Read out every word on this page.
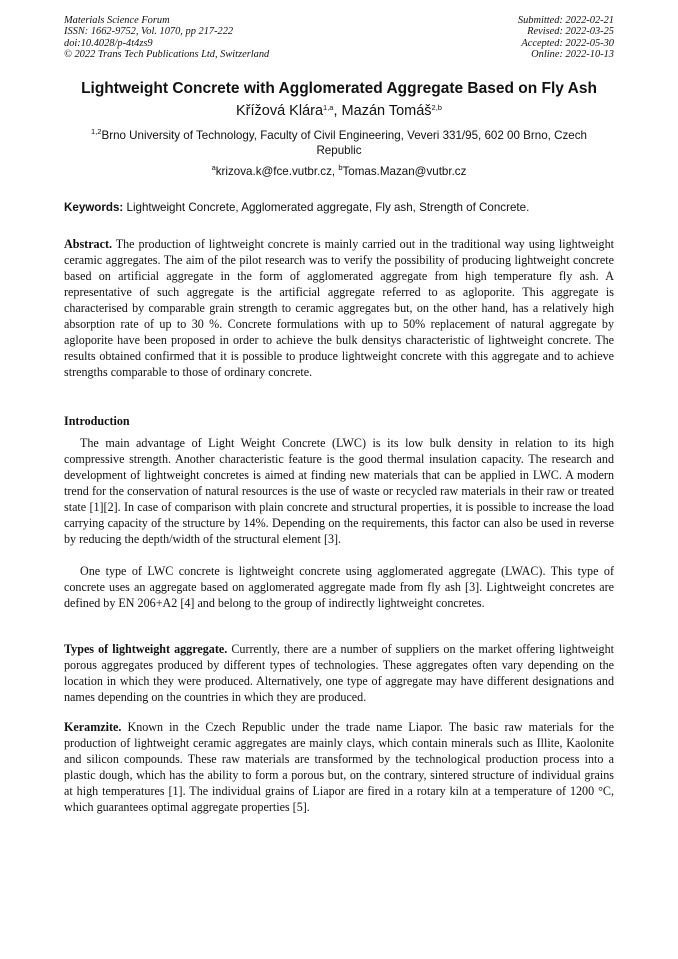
Materials Science Forum
ISSN: 1662-9752, Vol. 1070, pp 217-222
doi:10.4028/p-4t4zs9
© 2022 Trans Tech Publications Ltd, Switzerland
Submitted: 2022-02-21
Revised: 2022-03-25
Accepted: 2022-05-30
Online: 2022-10-13
Lightweight Concrete with Agglomerated Aggregate Based on Fly Ash
Křížová Klára$^{1,a}$, Mazán Tomáš$^{2,b}$
$^{1,2}$Brno University of Technology, Faculty of Civil Engineering, Veveri 331/95, 602 00 Brno, Czech Republic
$^a$krizova.k@fce.vutbr.cz, $^b$Tomas.Mazan@vutbr.cz
Keywords: Lightweight Concrete, Agglomerated aggregate, Fly ash, Strength of Concrete.

Abstract. The production of lightweight concrete is mainly carried out in the traditional way using lightweight ceramic aggregates. The aim of the pilot research was to verify the possibility of producing lightweight concrete based on artificial aggregate in the form of agglomerated aggregate from high temperature fly ash. A representative of such aggregate is the artificial aggregate referred to as agloporite. This aggregate is characterised by comparable grain strength to ceramic aggregates but, on the other hand, has a relatively high absorption rate of up to 30 %. Concrete formulations with up to 50% replacement of natural aggregate by agloporite have been proposed in order to achieve the bulk densitys characteristic of lightweight concrete. The results obtained confirmed that it is possible to produce lightweight concrete with this aggregate and to achieve strengths comparable to those of ordinary concrete.

Introduction

The main advantage of Light Weight Concrete (LWC) is its low bulk density in relation to its high compressive strength. Another characteristic feature is the good thermal insulation capacity. The research and development of lightweight concretes is aimed at finding new materials that can be applied in LWC. A modern trend for the conservation of natural resources is the use of waste or recycled raw materials in their raw or treated state [1][2]. In case of comparison with plain concrete and structural properties, it is possible to increase the load carrying capacity of the structure by 14%. Depending on the requirements, this factor can also be used in reverse by reducing the depth/width of the structural element [3].

One type of LWC concrete is lightweight concrete using agglomerated aggregate (LWAC). This type of concrete uses an aggregate based on agglomerated aggregate made from fly ash [3]. Lightweight concretes are defined by EN 206+A2 [4] and belong to the group of indirectly lightweight concretes.

Types of lightweight aggregate. Currently, there are a number of suppliers on the market offering lightweight porous aggregates produced by different types of technologies. These aggregates often vary depending on the location in which they were produced. Alternatively, one type of aggregate may have different designations and names depending on the countries in which they are produced.

Keramzite. Known in the Czech Republic under the trade name Liapor. The basic raw materials for the production of lightweight ceramic aggregates are mainly clays, which contain minerals such as Illite, Kaolonite and silicon compounds. These raw materials are transformed by the technological production process into a plastic dough, which has the ability to form a porous but, on the contrary, sintered structure of individual grains at high temperatures [1]. The individual grains of Liapor are fired in a rotary kiln at a temperature of 1200 °C, which guarantees optimal aggregate properties [5].
